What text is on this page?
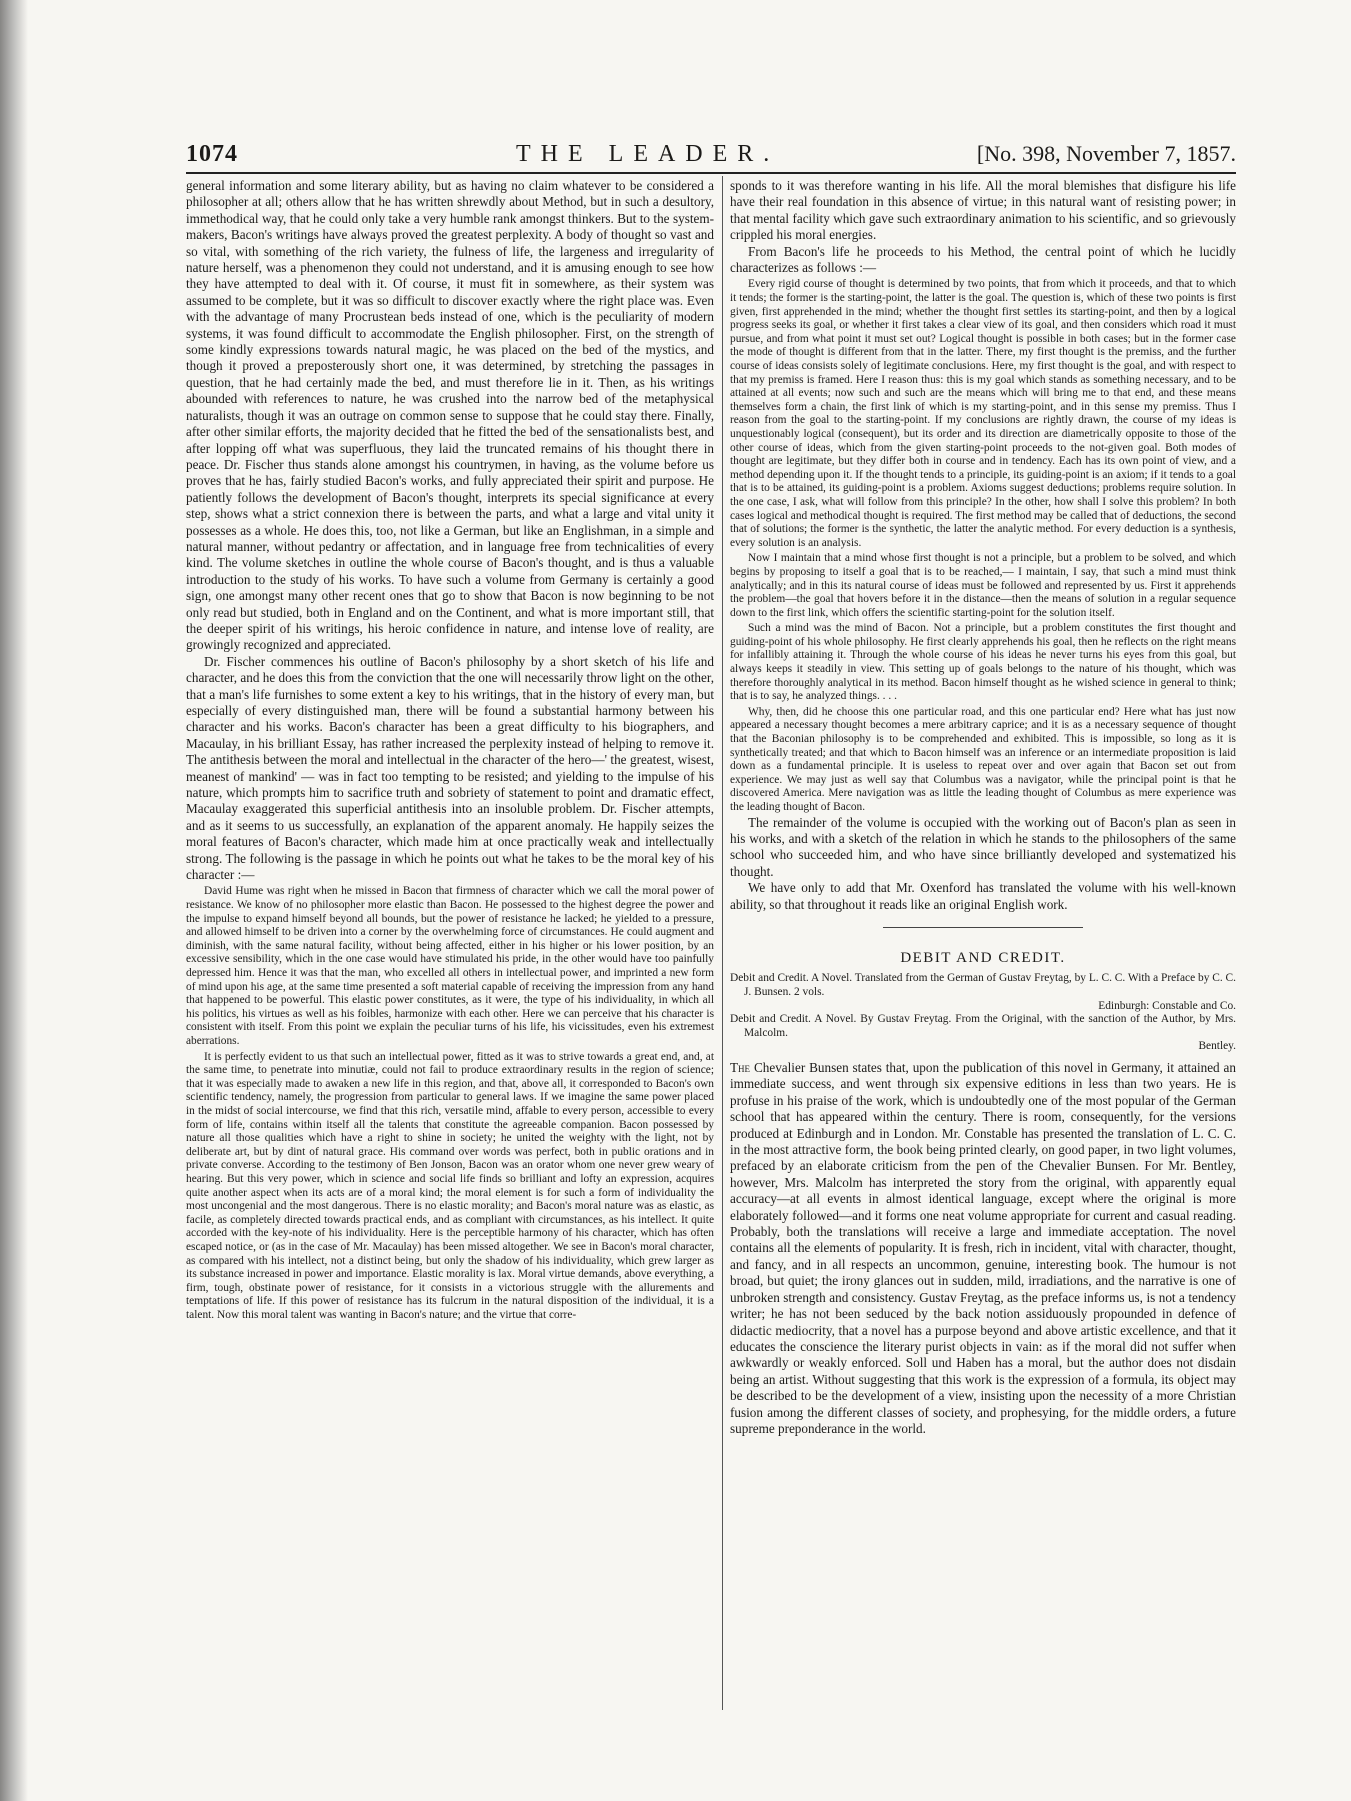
1074	THE LEADER.	[No. 398, November 7, 1857.

general information and some literary ability, but as having no claim whatever to be considered a philosopher at all; others allow that he has written shrewdly about Method, but in such a desultory, immethodical way, that he could only take a very humble rank amongst thinkers. But to the system-makers, Bacon's writings have always proved the greatest perplexity. A body of thought so vast and so vital, with something of the rich variety, the fulness of life, the largeness and irregularity of nature herself, was a phenomenon they could not understand, and it is amusing enough to see how they have attempted to deal with it. Of course, it must fit in somewhere, as their system was assumed to be complete, but it was so difficult to discover exactly where the right place was. Even with the advantage of many Procrustean beds instead of one, which is the peculiarity of modern systems, it was found difficult to accommodate the English philosopher. First, on the strength of some kindly expressions towards natural magic, he was placed on the bed of the mystics, and though it proved a preposterously short one, it was determined, by stretching the passages in question, that he had certainly made the bed, and must therefore lie in it. Then, as his writings abounded with references to nature, he was crushed into the narrow bed of the metaphysical naturalists, though it was an outrage on common sense to suppose that he could stay there. Finally, after other similar efforts, the majority decided that he fitted the bed of the sensationalists best, and after lopping off what was superfluous, they laid the truncated remains of his thought there in peace. Dr. Fischer thus stands alone amongst his countrymen, in having, as the volume before us proves that he has, fairly studied Bacon's works, and fully appreciated their spirit and purpose. He patiently follows the development of Bacon's thought, interprets its special significance at every step, shows what a strict connexion there is between the parts, and what a large and vital unity it possesses as a whole. He does this, too, not like a German, but like an Englishman, in a simple and natural manner, without pedantry or affectation, and in language free from technicalities of every kind. The volume sketches in outline the whole course of Bacon's thought, and is thus a valuable introduction to the study of his works. To have such a volume from Germany is certainly a good sign, one amongst many other recent ones that go to show that Bacon is now beginning to be not only read but studied, both in England and on the Continent, and what is more important still, that the deeper spirit of his writings, his heroic confidence in nature, and intense love of reality, are growingly recognized and appreciated.

Dr. Fischer commences his outline of Bacon's philosophy by a short sketch of his life and character, and he does this from the conviction that the one will necessarily throw light on the other, that a man's life furnishes to some extent a key to his writings, that in the history of every man, but especially of every distinguished man, there will be found a substantial harmony between his character and his works. Bacon's character has been a great difficulty to his biographers, and Macaulay, in his brilliant Essay, has rather increased the perplexity instead of helping to remove it. The antithesis between the moral and intellectual in the character of the hero—' the greatest, wisest, meanest of mankind' — was in fact too tempting to be resisted; and yielding to the impulse of his nature, which prompts him to sacrifice truth and sobriety of statement to point and dramatic effect, Macaulay exaggerated this superficial antithesis into an insoluble problem. Dr. Fischer attempts, and as it seems to us successfully, an explanation of the apparent anomaly. He happily seizes the moral features of Bacon's character, which made him at once practically weak and intellectually strong. The following is the passage in which he points out what he takes to be the moral key of his character :—

David Hume was right when he missed in Bacon that firmness of character which we call the moral power of resistance. We know of no philosopher more elastic than Bacon. He possessed to the highest degree the power and the impulse to expand himself beyond all bounds, but the power of resistance he lacked; he yielded to a pressure, and allowed himself to be driven into a corner by the overwhelming force of circumstances. He could augment and diminish, with the same natural facility, without being affected, either in his higher or his lower position, by an excessive sensibility, which in the one case would have stimulated his pride, in the other would have too painfully depressed him. Hence it was that the man, who excelled all others in intellectual power, and imprinted a new form of mind upon his age, at the same time presented a soft material capable of receiving the impression from any hand that happened to be powerful. This elastic power constitutes, as it were, the type of his individuality, in which all his politics, his virtues as well as his foibles, harmonize with each other. Here we can perceive that his character is consistent with itself. From this point we explain the peculiar turns of his life, his vicissitudes, even his extremest aberrations.

It is perfectly evident to us that such an intellectual power, fitted as it was to strive towards a great end, and, at the same time, to penetrate into minutiæ, could not fail to produce extraordinary results in the region of science; that it was especially made to awaken a new life in this region, and that, above all, it corresponded to Bacon's own scientific tendency, namely, the progression from particular to general laws. If we imagine the same power placed in the midst of social intercourse, we find that this rich, versatile mind, affable to every person, accessible to every form of life, contains within itself all the talents that constitute the agreeable companion. Bacon possessed by nature all those qualities which have a right to shine in society; he united the weighty with the light, not by deliberate art, but by dint of natural grace. His command over words was perfect, both in public orations and in private converse. According to the testimony of Ben Jonson, Bacon was an orator whom one never grew weary of hearing. But this very power, which in science and social life finds so brilliant and lofty an expression, acquires quite another aspect when its acts are of a moral kind; the moral element is for such a form of individuality the most uncongenial and the most dangerous. There is no elastic morality; and Bacon's moral nature was as elastic, as facile, as completely directed towards practical ends, and as compliant with circumstances, as his intellect. It quite accorded with the key-note of his individuality. Here is the perceptible harmony of his character, which has often escaped notice, or (as in the case of Mr. Macaulay) has been missed altogether. We see in Bacon's moral character, as compared with his intellect, not a distinct being, but only the shadow of his individuality, which grew larger as its substance increased in power and importance. Elastic morality is lax. Moral virtue demands, above everything, a firm, tough, obstinate power of resistance, for it consists in a victorious struggle with the allurements and temptations of life. If this power of resistance has its fulcrum in the natural disposition of the individual, it is a talent. Now this moral talent was wanting in Bacon's nature; and the virtue that corre-

sponds to it was therefore wanting in his life. All the moral blemishes that disfigure his life have their real foundation in this absence of virtue; in this natural want of resisting power; in that mental facility which gave such extraordinary animation to his scientific, and so grievously crippled his moral energies.

From Bacon's life he proceeds to his Method, the central point of which he lucidly characterizes as follows :—

Every rigid course of thought is determined by two points, that from which it proceeds, and that to which it tends; the former is the starting-point, the latter is the goal. The question is, which of these two points is first given, first apprehended in the mind; whether the thought first settles its starting-point, and then by a logical progress seeks its goal, or whether it first takes a clear view of its goal, and then considers which road it must pursue, and from what point it must set out? Logical thought is possible in both cases; but in the former case the mode of thought is different from that in the latter. There, my first thought is the premiss, and the further course of ideas consists solely of legitimate conclusions. Here, my first thought is the goal, and with respect to that my premiss is framed. Here I reason thus: this is my goal which stands as something necessary, and to be attained at all events; now such and such are the means which will bring me to that end, and these means themselves form a chain, the first link of which is my starting-point, and in this sense my premiss. Thus I reason from the goal to the starting-point. If my conclusions are rightly drawn, the course of my ideas is unquestionably logical (consequent), but its order and its direction are diametrically opposite to those of the other course of ideas, which from the given starting-point proceeds to the not-given goal. Both modes of thought are legitimate, but they differ both in course and in tendency. Each has its own point of view, and a method depending upon it. If the thought tends to a principle, its guiding-point is an axiom; if it tends to a goal that is to be attained, its guiding-point is a problem. Axioms suggest deductions; problems require solution. In the one case, I ask, what will follow from this principle? In the other, how shall I solve this problem? In both cases logical and methodical thought is required. The first method may be called that of deductions, the second that of solutions; the former is the synthetic, the latter the analytic method. For every deduction is a synthesis, every solution is an analysis.

Now I maintain that a mind whose first thought is not a principle, but a problem to be solved, and which begins by proposing to itself a goal that is to be reached,— I maintain, I say, that such a mind must think analytically; and in this its natural course of ideas must be followed and represented by us. First it apprehends the problem—the goal that hovers before it in the distance—then the means of solution in a regular sequence down to the first link, which offers the scientific starting-point for the solution itself.

Such a mind was the mind of Bacon. Not a principle, but a problem constitutes the first thought and guiding-point of his whole philosophy. He first clearly apprehends his goal, then he reflects on the right means for infallibly attaining it. Through the whole course of his ideas he never turns his eyes from this goal, but always keeps it steadily in view. This setting up of goals belongs to the nature of his thought, which was therefore thoroughly analytical in its method. Bacon himself thought as he wished science in general to think; that is to say, he analyzed things. . . .

Why, then, did he choose this one particular road, and this one particular end? Here what has just now appeared a necessary thought becomes a mere arbitrary caprice; and it is as a necessary sequence of thought that the Baconian philosophy is to be comprehended and exhibited. This is impossible, so long as it is synthetically treated; and that which to Bacon himself was an inference or an intermediate proposition is laid down as a fundamental principle. It is useless to repeat over and over again that Bacon set out from experience. We may just as well say that Columbus was a navigator, while the principal point is that he discovered America. Mere navigation was as little the leading thought of Columbus as mere experience was the leading thought of Bacon.

The remainder of the volume is occupied with the working out of Bacon's plan as seen in his works, and with a sketch of the relation in which he stands to the philosophers of the same school who succeeded him, and who have since brilliantly developed and systematized his thought.

We have only to add that Mr. Oxenford has translated the volume with his well-known ability, so that throughout it reads like an original English work.

DEBIT AND CREDIT.

Debit and Credit. A Novel. Translated from the German of Gustav Freytag, by L. C. C. With a Preface by C. C. J. Bunsen. 2 vols.

Edinburgh: Constable and Co.

Debit and Credit. A Novel. By Gustav Freytag. From the Original, with the sanction of the Author, by Mrs. Malcolm.

Bentley.

The Chevalier Bunsen states that, upon the publication of this novel in Germany, it attained an immediate success, and went through six expensive editions in less than two years. He is profuse in his praise of the work, which is undoubtedly one of the most popular of the German school that has appeared within the century. There is room, consequently, for the versions produced at Edinburgh and in London. Mr. Constable has presented the translation of L. C. C. in the most attractive form, the book being printed clearly, on good paper, in two light volumes, prefaced by an elaborate criticism from the pen of the Chevalier Bunsen. For Mr. Bentley, however, Mrs. Malcolm has interpreted the story from the original, with apparently equal accuracy—at all events in almost identical language, except where the original is more elaborately followed—and it forms one neat volume appropriate for current and casual reading. Probably, both the translations will receive a large and immediate acceptation. The novel contains all the elements of popularity. It is fresh, rich in incident, vital with character, thought, and fancy, and in all respects an uncommon, genuine, interesting book. The humour is not broad, but quiet; the irony glances out in sudden, mild, irradiations, and the narrative is one of unbroken strength and consistency. Gustav Freytag, as the preface informs us, is not a tendency writer; he has not been seduced by the back notion assiduously propounded in defence of didactic mediocrity, that a novel has a purpose beyond and above artistic excellence, and that it educates the conscience the literary purist objects in vain: as if the moral did not suffer when awkwardly or weakly enforced. Soll und Haben has a moral, but the author does not disdain being an artist. Without suggesting that this work is the expression of a formula, its object may be described to be the development of a view, insisting upon the necessity of a more Christian fusion among the different classes of society, and prophesying, for the middle orders, a future supreme preponderance in the world.
